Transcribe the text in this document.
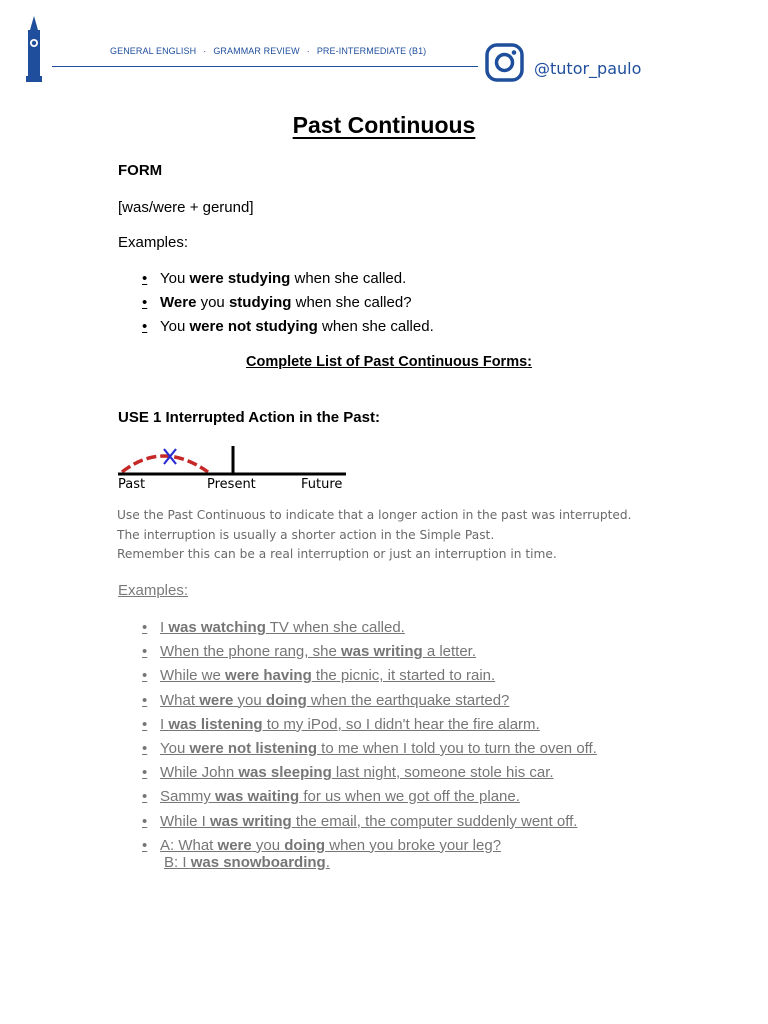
GENERAL ENGLISH · GRAMMAR REVIEW · PRE-INTERMEDIATE (B1)
@tutor_paulo
Past Continuous
FORM
[was/were + gerund]
Examples:
• You were studying when she called.
• Were you studying when she called?
• You were not studying when she called.
Complete List of Past Continuous Forms:
USE 1 Interrupted Action in the Past:
Past	Present	Future
Use the Past Continuous to indicate that a longer action in the past was interrupted.
The interruption is usually a shorter action in the Simple Past.
Remember this can be a real interruption or just an interruption in time.
Examples:
• I was watching TV when she called.
• When the phone rang, she was writing a letter.
• While we were having the picnic, it started to rain.
• What were you doing when the earthquake started?
• I was listening to my iPod, so I didn't hear the fire alarm.
• You were not listening to me when I told you to turn the oven off.
• While John was sleeping last night, someone stole his car.
• Sammy was waiting for us when we got off the plane.
• While I was writing the email, the computer suddenly went off.
• A: What were you doing when you broke your leg?
B: I was snowboarding.
